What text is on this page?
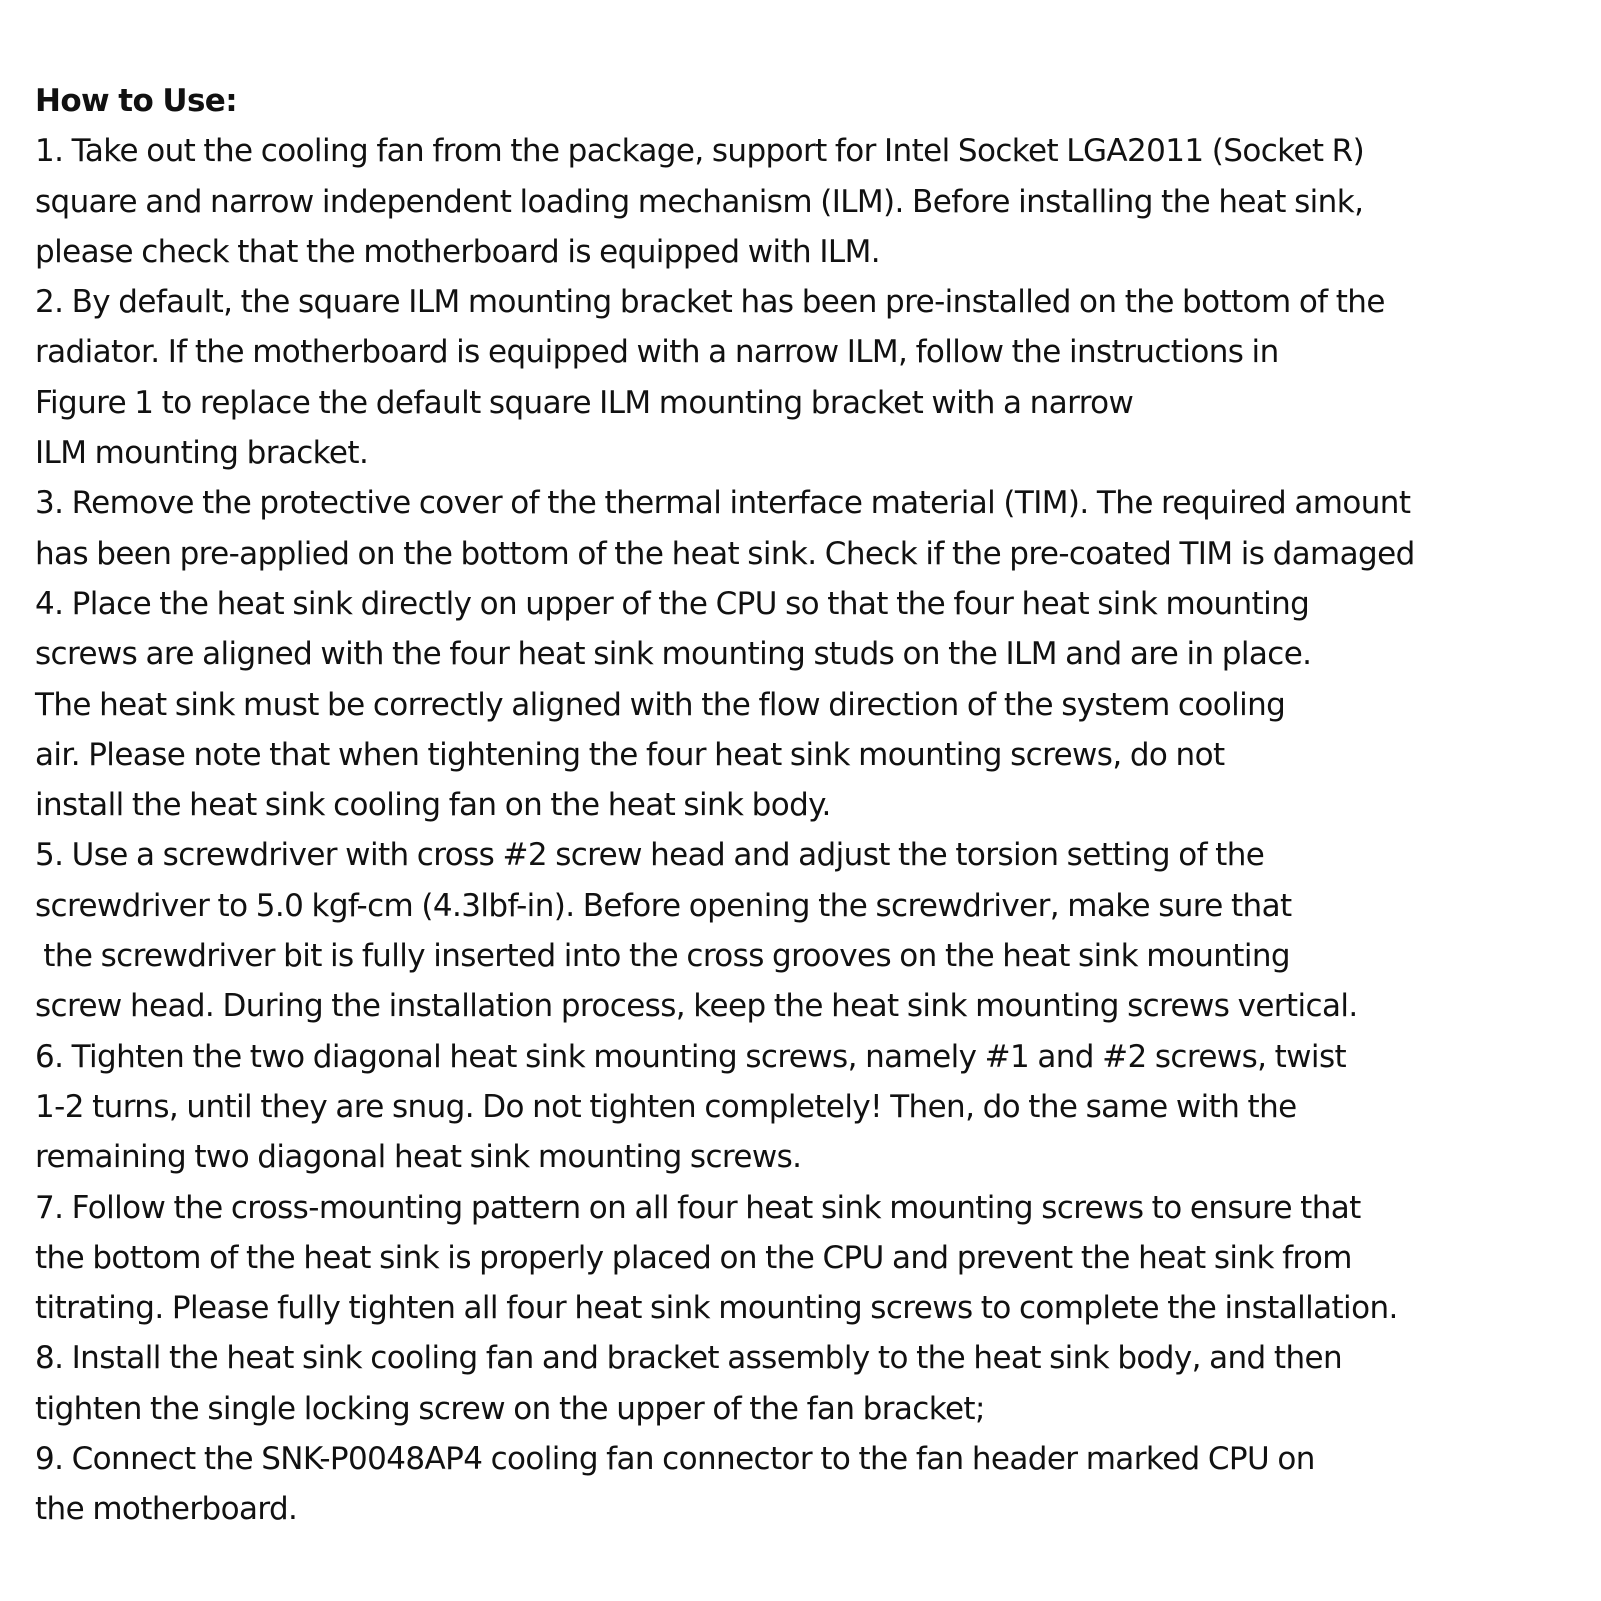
How to Use:
1. Take out the cooling fan from the package, support for Intel Socket LGA2011 (Socket R)
square and narrow independent loading mechanism (ILM). Before installing the heat sink,
please check that the motherboard is equipped with ILM.
2. By default, the square ILM mounting bracket has been pre-installed on the bottom of the
radiator. If the motherboard is equipped with a narrow ILM, follow the instructions in
Figure 1 to replace the default square ILM mounting bracket with a narrow
ILM mounting bracket.
3. Remove the protective cover of the thermal interface material (TIM). The required amount
has been pre-applied on the bottom of the heat sink. Check if the pre-coated TIM is damaged
4. Place the heat sink directly on upper of the CPU so that the four heat sink mounting
screws are aligned with the four heat sink mounting studs on the ILM and are in place.
The heat sink must be correctly aligned with the flow direction of the system cooling
air. Please note that when tightening the four heat sink mounting screws, do not
install the heat sink cooling fan on the heat sink body.
5. Use a screwdriver with cross #2 screw head and adjust the torsion setting of the
screwdriver to 5.0 kgf-cm (4.3lbf-in). Before opening the screwdriver, make sure that
the screwdriver bit is fully inserted into the cross grooves on the heat sink mounting
screw head. During the installation process, keep the heat sink mounting screws vertical.
6. Tighten the two diagonal heat sink mounting screws, namely #1 and #2 screws, twist
1-2 turns, until they are snug. Do not tighten completely! Then, do the same with the
remaining two diagonal heat sink mounting screws.
7. Follow the cross-mounting pattern on all four heat sink mounting screws to ensure that
the bottom of the heat sink is properly placed on the CPU and prevent the heat sink from
titrating. Please fully tighten all four heat sink mounting screws to complete the installation.
8. Install the heat sink cooling fan and bracket assembly to the heat sink body, and then
tighten the single locking screw on the upper of the fan bracket;
9. Connect the SNK-P0048AP4 cooling fan connector to the fan header marked CPU on
the motherboard.
